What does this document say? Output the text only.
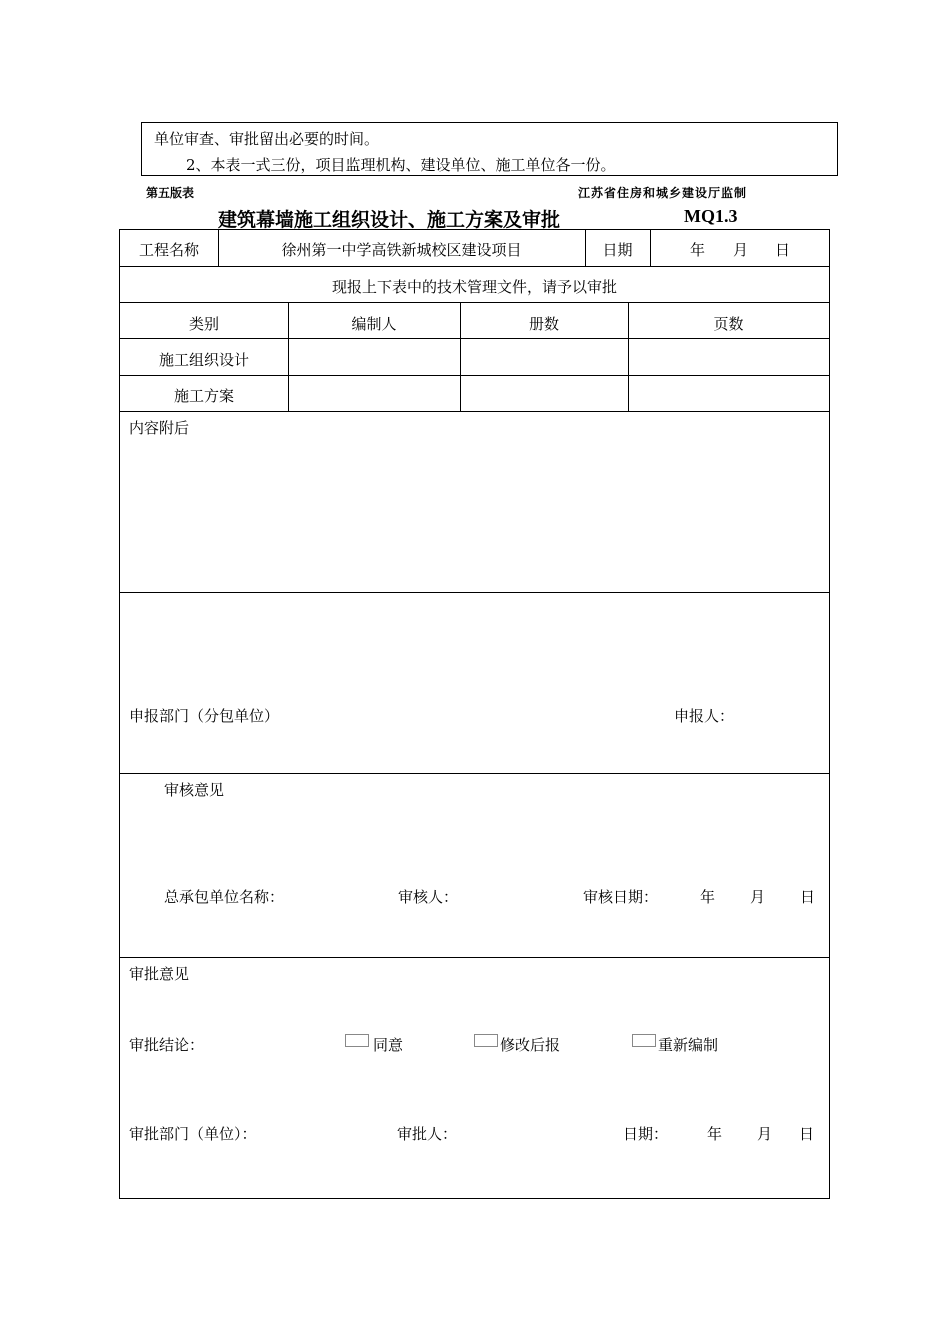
单位审查、审批留出必要的时间。
2、本表一式三份，项目监理机构、建设单位、施工单位各一份。
第五版表	江苏省住房和城乡建设厅监制
建筑幕墙施工组织设计、施工方案及审批	MQ1.3
工程名称	徐州第一中学高铁新城校区建设项目	日期	年 月 日
现报上下表中的技术管理文件，请予以审批
类别	编制人	册数	页数
施工组织设计
施工方案
内容附后
申报部门（分包单位）	申报人：
审核意见
总承包单位名称：	审核人：	审核日期：	年 月 日
审批意见
审批结论：	同意	修改后报	重新编制
审批部门（单位）：	审批人：	日期：	年 月 日
